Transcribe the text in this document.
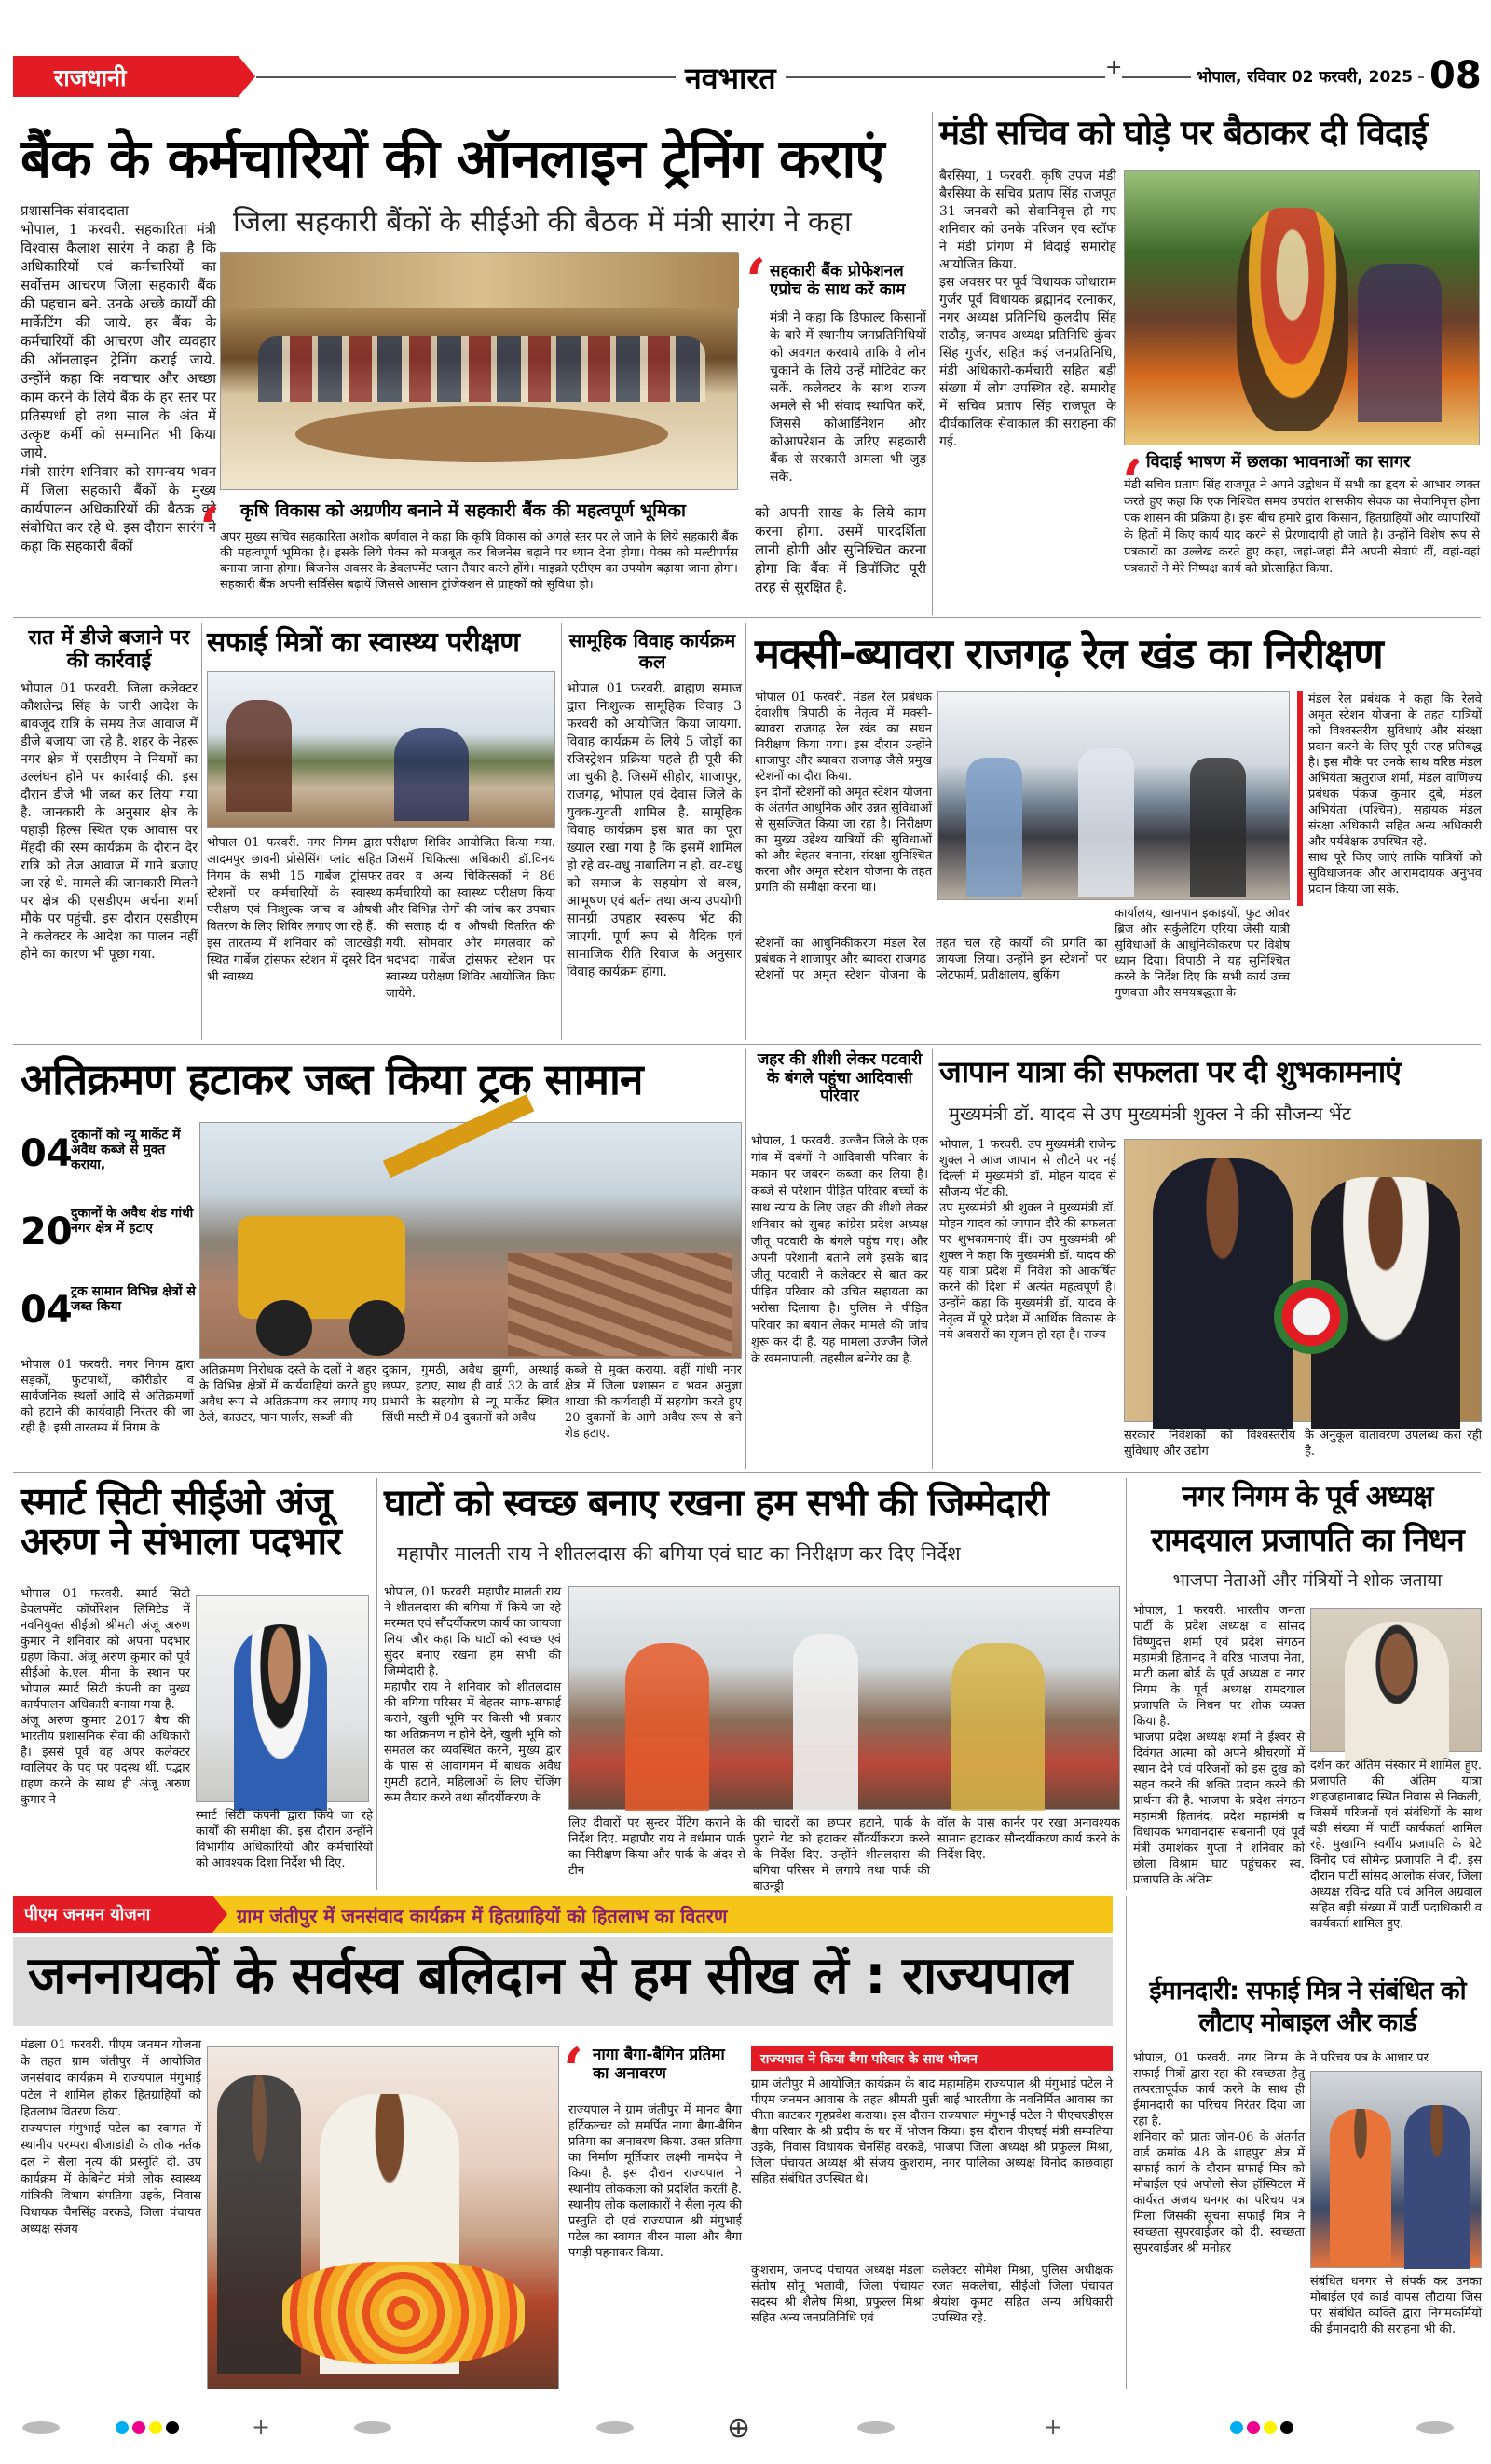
राजधानी	नवभारत	+	भोपाल, रविवार 02 फरवरी, 2025 08
बैंक के कर्मचारियों की ऑनलाइन ट्रेनिंग कराएं
जिला सहकारी बैंकों के सीईओ की बैठक में मंत्री सारंग ने कहा
प्रशासनिक संवाददाता
भोपाल, 1 फरवरी. सहकारिता मंत्री विश्वास कैलाश सारंग ने कहा है कि अधिकारियों एवं कर्मचारियों का सर्वोत्तम आचरण जिला सहकारी बैंक की पहचान बने. उनके अच्छे कार्यों की मार्केटिंग की जाये. हर बैंक के कर्मचारियों की आचरण और व्यवहार की ऑनलाइन ट्रेनिंग कराई जाये. उन्होंने कहा कि नवाचार और अच्छा काम करने के लिये बैंक के हर स्तर पर प्रतिस्पर्धा हो तथा साल के अंत में उत्कृष्ट कर्मी को सम्मानित भी किया जाये.
मंत्री सारंग शनिवार को समन्वय भवन में जिला सहकारी बैंकों के मुख्य कार्यपालन अधिकारियों की बैठक को संबोधित कर रहे थे. इस दौरान सारंग ने कहा कि सहकारी बैंकों
‘ सहकारी बैंक प्रोफेशनल एप्रोच के साथ करें काम
मंत्री ने कहा कि डिफाल्ट किसानों के बारे में स्थानीय जनप्रतिनिधियों को अवगत करवाये ताकि वे लोन चुकाने के लिये उन्हें मोटिवेट कर सकें. कलेक्टर के साथ राज्य अमले से भी संवाद स्थापित करें, जिससे कोआर्डिनेशन और कोआपरेशन के जरिए सहकारी बैंक से सरकारी अमला भी जुड़ सके.
को अपनी साख के लिये काम करना होगा. उसमें पारदर्शिता लानी होगी और सुनिश्चित करना होगा कि बैंक में डिपॉजिट पूरी तरह से सुरक्षित है.
‘ कृषि विकास को अग्रणीय बनाने में सहकारी बैंक की महत्वपूर्ण भूमिका
अपर मुख्य सचिव सहकारिता अशोक बर्णवाल ने कहा कि कृषि विकास को अगले स्तर पर ले जाने के लिये सहकारी बैंक की महत्वपूर्ण भूमिका है। इसके लिये पेक्स को मजबूत कर बिजनेस बढ़ाने पर ध्यान देना होगा। पेक्स को मल्टीपर्पस बनाया जाना होगा। बिजनेस अवसर के डेवलपमेंट प्लान तैयार करने होंगे। माइक्रो एटीएम का उपयोग बढ़ाया जाना होगा। सहकारी बैंक अपनी सर्विसेस बढ़ायें जिससे आसान ट्रांजेक्शन से ग्राहकों को सुविधा हो।
मंडी सचिव को घोड़े पर बैठाकर दी विदाई
बैरसिया, 1 फरवरी. कृषि उपज मंडी बैरसिया के सचिव प्रताप सिंह राजपूत 31 जनवरी को सेवानिवृत्त हो गए शनिवार को उनके परिजन एव स्टॉफ ने मंडी प्रांगण में विदाई समारोह आयोजित किया.
इस अवसर पर पूर्व विधायक जोधाराम गुर्जर पूर्व विधायक ब्रह्मानंद रत्नाकर, नगर अध्यक्ष प्रतिनिधि कुलदीप सिंह राठौड़, जनपद अध्यक्ष प्रतिनिधि कुंवर सिंह गुर्जर, सहित कई जनप्रतिनिधि, मंडी अधिकारी-कर्मचारी सहित बड़ी संख्या में लोग उपस्थित रहे. समारोह में सचिव प्रताप सिंह राजपूत के दीर्घकालिक सेवाकाल की सराहना की गई.
‘ विदाई भाषण में छलका भावनाओं का सागर
मंडी सचिव प्रताप सिंह राजपूत ने अपने उद्बोधन में सभी का हृदय से आभार व्यक्त करते हुए कहा कि एक निश्चित समय उपरांत शासकीय सेवक का सेवानिवृत्त होना एक शासन की प्रक्रिया है। इस बीच हमारे द्वारा किसान, हितग्राहियों और व्यापारियों के हितों में किए कार्य याद करने से प्रेरणादायी हो जाते है। उन्होंने विशेष रूप से पत्रकारों का उल्लेख करते हुए कहा, जहां-जहां मैंने अपनी सेवाएं दीं, वहां-वहां पत्रकारों ने मेरे निष्पक्ष कार्य को प्रोत्साहित किया.
रात में डीजे बजाने पर की कार्रवाई
भोपाल 01 फरवरी. जिला कलेक्टर कौशलेन्द्र सिंह के जारी आदेश के बावजूद रात्रि के समय तेज आवाज में डीजे बजाया जा रहे है. शहर के नेहरू नगर क्षेत्र में एसडीएम ने नियमों का उल्लंघन होने पर कार्रवाई की. इस दौरान डीजे भी जब्त कर लिया गया है. जानकारी के अनुसार क्षेत्र के पहाड़ी हिल्स स्थित एक आवास पर मेंहदी की रस्म कार्यक्रम के दौरान देर रात्रि को तेज आवाज में गाने बजाए जा रहे थे. मामले की जानकारी मिलने पर क्षेत्र की एसडीएम अर्चना शर्मा मौके पर पहुंची. इस दौरान एसडीएम ने कलेक्टर के आदेश का पालन नहीं होने का कारण भी पूछा गया.
सफाई मित्रों का स्वास्थ्य परीक्षण
भोपाल 01 फरवरी. नगर निगम द्वारा आदमपुर छावनी प्रोसेसिंग प्लांट सहित निगम के सभी 15 गार्बेज ट्रांसफर स्टेशनों पर कर्मचारियों के स्वास्थ्य परीक्षण एवं निःशुल्क जांच व औषधी वितरण के लिए शिविर लगाए जा रहे हैं.
इस तारतम्य में शनिवार को जाटखेड़ी स्थित गार्बेज ट्रांसफर स्टेशन में दूसरे दिन भी स्वास्थ्य
परीक्षण शिविर आयोजित किया गया. जिसमें चिकित्सा अधिकारी डॉ.विनय तवर व अन्य चिकित्सकों ने 86 कर्मचारियों का स्वास्थ्य परीक्षण किया और विभिन्न रोगों की जांच कर उपचार की सलाह दी व औषधी वितरित की गयी. सोमवार और मंगलवार को भदभदा गार्बेज ट्रांसफर स्टेशन पर स्वास्थ्य परीक्षण शिविर आयोजित किए जायेंगे.
सामूहिक विवाह कार्यक्रम कल
भोपाल 01 फरवरी. ब्राह्मण समाज द्वारा निःशुल्क सामूहिक विवाह 3 फरवरी को आयोजित किया जायगा. विवाह कार्यक्रम के लिये 5 जोड़ों का रजिस्ट्रेशन प्रक्रिया पहले ही पूरी की जा चुकी है. जिसमें सीहोर, शाजापुर, राजगढ़, भोपाल एवं देवास जिले के युवक-युवती शामिल है. सामूहिक विवाह कार्यक्रम इस बात का पूरा ख्याल रखा गया है कि इसमें शामिल हो रहे वर-वधु नाबालिग न हो. वर-वधु को समाज के सहयोग से वस्त्र, आभूषण एवं बर्तन तथा अन्य उपयोगी सामग्री उपहार स्वरूप भेंट की जाएगी. पूर्ण रूप से वैदिक एवं सामाजिक रीति रिवाज के अनुसार विवाह कार्यक्रम होगा.
मक्सी-ब्यावरा राजगढ़ रेल खंड का निरीक्षण
भोपाल 01 फरवरी. मंडल रेल प्रबंधक देवाशीष त्रिपाठी के नेतृत्व में मक्सी-ब्यावरा राजगढ़ रेल खंड का सघन निरीक्षण किया गया। इस दौरान उन्होंने शाजापुर और ब्यावरा राजगढ़ जैसे प्रमुख स्टेशनों का दौरा किया.
इन दोनों स्टेशनों को अमृत स्टेशन योजना के अंतर्गत आधुनिक और उन्नत सुविधाओं से सुसज्जित किया जा रहा है। निरीक्षण का मुख्य उद्देश्य यात्रियों की सुविधाओं को और बेहतर बनाना, संरक्षा सुनिश्चित करना और अमृत स्टेशन योजना के तहत प्रगति की समीक्षा करना था।
स्टेशनों का आधुनिकीकरण मंडल रेल प्रबंधक ने शाजापुर और ब्यावरा राजगढ़ स्टेशनों पर अमृत स्टेशन योजना के तहत चल रहे कार्यों की प्रगति का जायजा लिया। उन्होंने इन स्टेशनों पर प्लेटफार्म, प्रतीक्षालय, बुकिंग
कार्यालय, खानपान इकाइयों, फुट ओवर ब्रिज और सर्कुलेटिंग एरिया जैसी यात्री सुविधाओं के आधुनिकीकरण पर विशेष ध्यान दिया। विपाठी ने यह सुनिश्चित करने के निर्देश दिए कि सभी कार्य उच्च गुणवत्ता और समयबद्धता के
मंडल रेल प्रबंधक ने कहा कि रेलवे अमृत स्टेशन योजना के तहत यात्रियों को विश्वस्तरीय सुविधाएं और संरक्षा प्रदान करने के लिए पूरी तरह प्रतिबद्ध है। इस मौके पर उनके साथ वरिष्ठ मंडल अभियंता ऋतुराज शर्मा, मंडल वाणिज्य प्रबंधक पंकज कुमार दुबे, मंडल अभियंता (पश्चिम), सहायक मंडल संरक्षा अधिकारी सहित अन्य अधिकारी और पर्यवेक्षक उपस्थित रहे.
साथ पूरे किए जाएं ताकि यात्रियों को सुविधाजनक और आरामदायक अनुभव प्रदान किया जा सके.
अतिक्रमण हटाकर जब्त किया ट्रक सामान
04
दुकानों को न्यू मार्केट में अवैध कब्जे से मुक्त कराया,
20
दुकानों के अवैध शेड गांधी नगर क्षेत्र में हटाए
04
ट्रक सामान विभिन्न क्षेत्रों से जब्त किया
भोपाल 01 फरवरी. नगर निगम द्वारा सड़कों, फुटपाथों, कॉरीडोर व सार्वजनिक स्थलों आदि से अतिक्रमणों को हटाने की कार्यवाही निरंतर की जा रही है। इसी तारतम्य में निगम के
अतिक्रमण निरोधक दस्ते के दलों ने शहर के विभिन्न क्षेत्रों में कार्यवाहियां करते हुए अवैध रूप से अतिक्रमण कर लगाए गए ठेले, काउंटर, पान पार्लर, सब्जी की
दुकान, गुमठी, अवैध झुग्गी, अस्थाई छप्पर, हटाए, साथ ही वार्ड 32 के वार्ड प्रभारी के सहयोग से न्यू मार्केट स्थित सिंधी मस्टी में 04 दुकानों को अवैध
कब्जे से मुक्त कराया. वहीं गांधी नगर क्षेत्र में जिला प्रशासन व भवन अनुज्ञा शाखा की कार्यवाही में सहयोग करते हुए 20 दुकानों के आगे अवैध रूप से बने शेड हटाए.
जहर की शीशी लेकर पटवारी के बंगले पहुंचा आदिवासी परिवार
भोपाल, 1 फरवरी. उज्जैन जिले के एक गांव में दबंगों ने आदिवासी परिवार के मकान पर जबरन कब्जा कर लिया है। कब्जे से परेशान पीड़ित परिवार बच्चों के साथ न्याय के लिए जहर की शीशी लेकर शनिवार को सुबह कांग्रेस प्रदेश अध्यक्ष जीतू पटवारी के बंगले पहुंच गए। और अपनी परेशानी बताने लगे इसके बाद जीतू पटवारी ने कलेक्टर से बात कर पीड़ित परिवार को उचित सहायता का भरोसा दिलाया है। पुलिस ने पीड़ित परिवार का बयान लेकर मामले की जांच शुरू कर दी है. यह मामला उज्जैन जिले के खमनापाली, तहसील बनेगेर का है.
जापान यात्रा की सफलता पर दी शुभकामनाएं
मुख्यमंत्री डॉ. यादव से उप मुख्यमंत्री शुक्ल ने की सौजन्य भेंट
भोपाल, 1 फरवरी. उप मुख्यमंत्री राजेन्द्र शुक्ल ने आज जापान से लौटने पर नई दिल्ली में मुख्यमंत्री डॉ. मोहन यादव से सौजन्य भेंट की.
उप मुख्यमंत्री श्री शुक्ल ने मुख्यमंत्री डॉ. मोहन यादव को जापान दौरे की सफलता पर शुभकामनाएं दीं। उप मुख्यमंत्री श्री शुक्ल ने कहा कि मुख्यमंत्री डॉ. यादव की यह यात्रा प्रदेश में निवेश को आकर्षित करने की दिशा में अत्यंत महत्वपूर्ण है। उन्होंने कहा कि मुख्यमंत्री डॉ. यादव के नेतृत्व में पूरे प्रदेश में आर्थिक विकास के नये अवसरों का सृजन हो रहा है। राज्य
सरकार निवेशकों को विश्वस्तरीय सुविधाएं और उद्योग
के अनुकूल वातावरण उपलब्ध करा रही है.
स्मार्ट सिटी सीईओ अंजू अरुण ने संभाला पदभार
भोपाल 01 फरवरी. स्मार्ट सिटी डेवलपमेंट कॉर्पोरेशन लिमिटेड में नवनियुक्त सीईओ श्रीमती अंजू अरुण कुमार ने शनिवार को अपना पदभार ग्रहण किया. अंजू अरुण कुमार को पूर्व सीईओ के.एल. मीना के स्थान पर भोपाल स्मार्ट सिटी कंपनी का मुख्य कार्यपालन अधिकारी बनाया गया है.
अंजू अरुण कुमार 2017 बैच की भारतीय प्रशासनिक सेवा की अधिकारी है। इससे पूर्व वह अपर कलेक्टर ग्वालियर के पद पर पदस्थ थीं. पद्भार ग्रहण करने के साथ ही अंजू अरुण कुमार ने
स्मार्ट सिटी कंपनी द्वारा किये जा रहे कार्यों की समीक्षा की. इस दौरान उन्होंने विभागीय अधिकारियों और कर्मचारियों को आवश्यक दिशा निर्देश भी दिए.
घाटों को स्वच्छ बनाए रखना हम सभी की जिम्मेदारी
महापौर मालती राय ने शीतलदास की बगिया एवं घाट का निरीक्षण कर दिए निर्देश
भोपाल, 01 फरवरी. महापौर मालती राय ने शीतलदास की बगिया में किये जा रहे मरम्मत एवं सौंदर्यीकरण कार्य का जायजा लिया और कहा कि घाटों को स्वच्छ एवं सुंदर बनाए रखना हम सभी की जिम्मेदारी है.
महापौर राय ने शनिवार को शीतलदास की बगिया परिसर में बेहतर साफ-सफाई कराने, खुली भूमि पर किसी भी प्रकार का अतिक्रमण न होने देने, खुली भूमि को समतल कर व्यवस्थित करने, मुख्य द्वार के पास से आवागमन में बाधक अवैध गुमठी हटाने, महिलाओं के लिए चेंजिंग रूम तैयार करने तथा सौंदर्यीकरण के
लिए दीवारों पर सुन्दर पेंटिंग कराने के निर्देश दिए. महापौर राय ने वर्धमान पार्क का निरीक्षण किया और पार्क के अंदर से टीन
की चादरों का छप्पर हटाने, पार्क के पुराने गेट को हटाकर सौंदर्यीकरण करने के निर्देश दिए. उन्होंने शीतलदास की बगिया परिसर में लगाये तथा पार्क की बाउन्ड्री
वॉल के पास कार्नर पर रखा अनावश्यक सामान हटाकर सौन्दर्यीकरण कार्य करने के निर्देश दिए.
नगर निगम के पूर्व अध्यक्ष
रामदयाल प्रजापति का निधन
भाजपा नेताओं और मंत्रियों ने शोक जताया
भोपाल, 1 फरवरी. भारतीय जनता पार्टी के प्रदेश अध्यक्ष व सांसद विष्णुदत्त शर्मा एवं प्रदेश संगठन महामंत्री हितानंद ने वरिष्ठ भाजपा नेता, माटी कला बोर्ड के पूर्व अध्यक्ष व नगर निगम के पूर्व अध्यक्ष रामदयाल प्रजापति के निधन पर शोक व्यक्त किया है.
भाजपा प्रदेश अध्यक्ष शर्मा ने ईश्वर से दिवंगत आत्मा को अपने श्रीचरणों में स्थान देने एवं परिजनों को इस दुख को सहन करने की शक्ति प्रदान करने की प्रार्थना की है. भाजपा के प्रदेश संगठन महामंत्री हितानंद, प्रदेश महामंत्री व विधायक भगवानदास सबनानी एवं पूर्व मंत्री उमाशंकर गुप्ता ने शनिवार को छोला विश्राम घाट पहुंचकर स्व. प्रजापति के अंतिम
दर्शन कर अंतिम संस्कार में शामिल हुए. प्रजापति की अंतिम यात्रा शाहजहानाबाद स्थित निवास से निकली, जिसमें परिजनों एवं संबंधियों के साथ बड़ी संख्या में पार्टी कार्यकर्ता शामिल रहे. मुखाग्नि स्वर्गीय प्रजापति के बेटे विनोद एवं सोमेन्द्र प्रजापति ने दी. इस दौरान पार्टी सांसद आलोक संजर, जिला अध्यक्ष रविन्द्र यति एवं अनिल अग्रवाल सहित बड़ी संख्या में पार्टी पदाधिकारी व कार्यकर्ता शामिल हुए.
पीएम जनमन योजना	ग्राम जंतीपुर में जनसंवाद कार्यक्रम में हितग्राहियों को हितलाभ का वितरण
जननायकों के सर्वस्व बलिदान से हम सीख लें : राज्यपाल
मंडला 01 फरवरी. पीएम जनमन योजना के तहत ग्राम जंतीपुर में आयोजित जनसंवाद कार्यक्रम में राज्यपाल मंगुभाई पटेल ने शामिल होकर हितग्राहियों को हितलाभ वितरण किया.
राज्यपाल मंगुभाई पटेल का स्वागत में स्थानीय परम्परा बीजाडांडी के लोक नर्तक दल ने सैला नृत्य की प्रस्तुति दी. उप कार्यक्रम में केबिनेट मंत्री लोक स्वास्थ्य यांत्रिकी विभाग संपतिया उइके, निवास विधायक चैनसिंह वरकडे, जिला पंचायत अध्यक्ष संजय
‘ नागा बैगा-बैगिन प्रतिमा का अनावरण
राज्यपाल ने ग्राम जंतीपुर में मानव बैगा हर्टिकल्चर को समर्पित नागा बैगा-बैगिन प्रतिमा का अनावरण किया. उक्त प्रतिमा का निर्माण मूर्तिकार लक्ष्मी नामदेव ने किया है. इस दौरान राज्यपाल ने स्थानीय लोककला को प्रदर्शित करती है. स्थानीय लोक कलाकारों ने सैला नृत्य की प्रस्तुति दी एवं राज्यपाल श्री मंगुभाई पटेल का स्वागत बीरन माला और बैगा पगड़ी पहनाकर किया.
राज्यपाल ने किया बैगा परिवार के साथ भोजन
ग्राम जंतीपुर में आयोजित कार्यक्रम के बाद महामहिम राज्यपाल श्री मंगुभाई पटेल ने पीएम जनमन आवास के तहत श्रीमती मुन्नी बाई भारतीया के नवनिर्मित आवास का फीता काटकर गृहप्रवेश कराया। इस दौरान राज्यपाल मंगुभाई पटेल ने पीएचएडीएस बैगा परिवार के श्री प्रदीप के घर में भोजन किया। इस दौरान पीएचई मंत्री सम्पतिया उइके, निवास विधायक चैनसिंह वरकडे, भाजपा जिला अध्यक्ष श्री प्रफुल्ल मिश्रा, जिला पंचायत अध्यक्ष श्री संजय कुशराम, नगर पालिका अध्यक्ष विनोद काछवाहा सहित संबंधित उपस्थित थे।
कुशराम, जनपद पंचायत अध्यक्ष मंडला संतोष सोनू भलावी, जिला पंचायत सदस्य श्री शैलेष मिश्रा, प्रफुल्ल मिश्रा सहित अन्य जनप्रतिनिधि एवं
कलेक्टर सोमेश मिश्रा, पुलिस अधीक्षक रजत सकलेचा, सीईओ जिला पंचायत श्रेयांश कूमट सहित अन्य अधिकारी उपस्थित रहे.
ईमानदारी: सफाई मित्र ने संबंधित को लौटाए मोबाइल और कार्ड
भोपाल, 01 फरवरी. नगर निगम के सफाई मित्रों द्वारा रहा की स्वच्छता हेतु तत्परतापूर्वक कार्य करने के साथ ही ईमानदारी का परिचय निरंतर दिया जा रहा है.
शनिवार को प्रातः जोन-06 के अंतर्गत वार्ड क्रमांक 48 के शाहपुरा क्षेत्र में सफाई कार्य के दौरान सफाई मित्र को मोबाईल एवं अपोलो सेज हॉस्पिटल में कार्यरत अजय धनगर का परिचय पत्र मिला जिसकी सूचना सफाई मित्र ने स्वच्छता सुपरवाईजर को दी. स्वच्छता सुपरवाईजर श्री मनोहर
ने परिचय पत्र के आधार पर
संबंधित धनगर से संपर्क कर उनका मोबाईल एवं कार्ड वापस लौटाया जिस पर संबंधित व्यक्ति द्वारा निगमकर्मियों की ईमानदारी की सराहना भी की.
+	⊕	+
